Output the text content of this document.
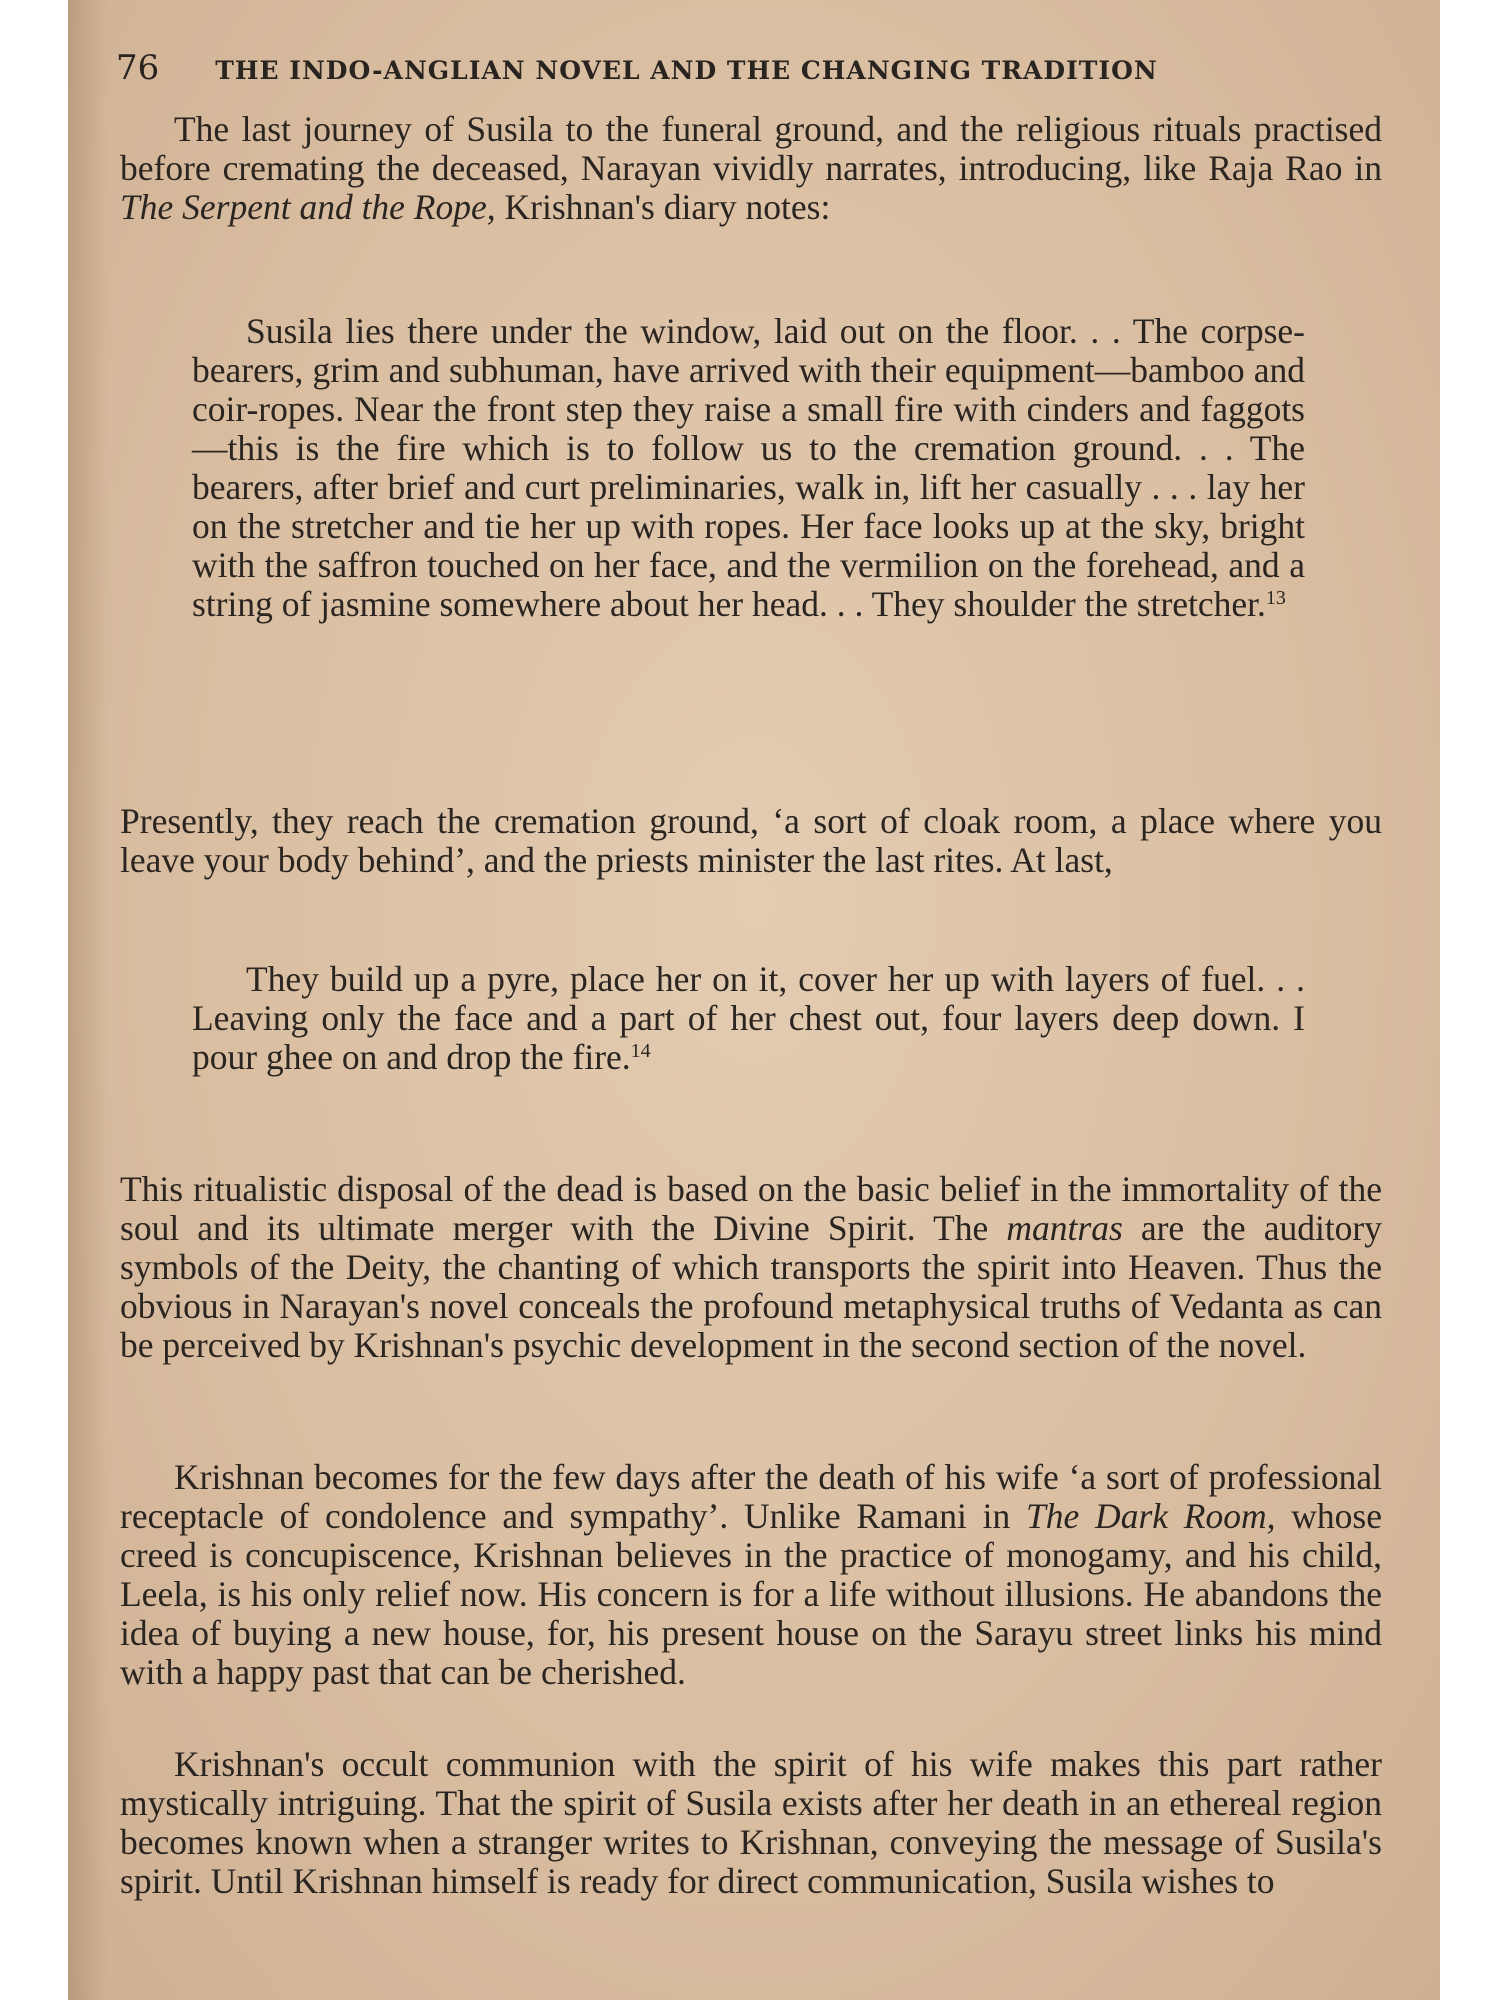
76 THE INDO-ANGLIAN NOVEL AND THE CHANGING TRADITION

The last journey of Susila to the funeral ground, and the religious rituals practised before cremating the deceased, Narayan vividly narrates, introducing, like Raja Rao in The Serpent and the Rope, Krishnan's diary notes:

Susila lies there under the window, laid out on the floor. . . The corpse-bearers, grim and subhuman, have arrived with their equipment—bamboo and coir-ropes. Near the front step they raise a small fire with cinders and faggots—this is the fire which is to follow us to the cremation ground. . . The bearers, after brief and curt preliminaries, walk in, lift her casually . . . lay her on the stretcher and tie her up with ropes. Her face looks up at the sky, bright with the saffron touched on her face, and the vermilion on the forehead, and a string of jasmine somewhere about her head. . . They shoulder the stretcher.$^{13}$

Presently, they reach the cremation ground, ‘a sort of cloak room, a place where you leave your body behind’, and the priests minister the last rites. At last,

They build up a pyre, place her on it, cover her up with layers of fuel. . . Leaving only the face and a part of her chest out, four layers deep down. I pour ghee on and drop the fire.$^{14}$

This ritualistic disposal of the dead is based on the basic belief in the immortality of the soul and its ultimate merger with the Divine Spirit. The mantras are the auditory symbols of the Deity, the chanting of which transports the spirit into Heaven. Thus the obvious in Narayan's novel conceals the profound metaphysical truths of Vedanta as can be perceived by Krishnan's psychic development in the second section of the novel.

Krishnan becomes for the few days after the death of his wife ‘a sort of professional receptacle of condolence and sympathy’. Unlike Ramani in The Dark Room, whose creed is concupiscence, Krishnan believes in the practice of monogamy, and his child, Leela, is his only relief now. His concern is for a life without illusions. He abandons the idea of buying a new house, for, his present house on the Sarayu street links his mind with a happy past that can be cherished.

Krishnan's occult communion with the spirit of his wife makes this part rather mystically intriguing. That the spirit of Susila exists after her death in an ethereal region becomes known when a stranger writes to Krishnan, conveying the message of Susila's spirit. Until Krishnan himself is ready for direct communication, Susila wishes to
